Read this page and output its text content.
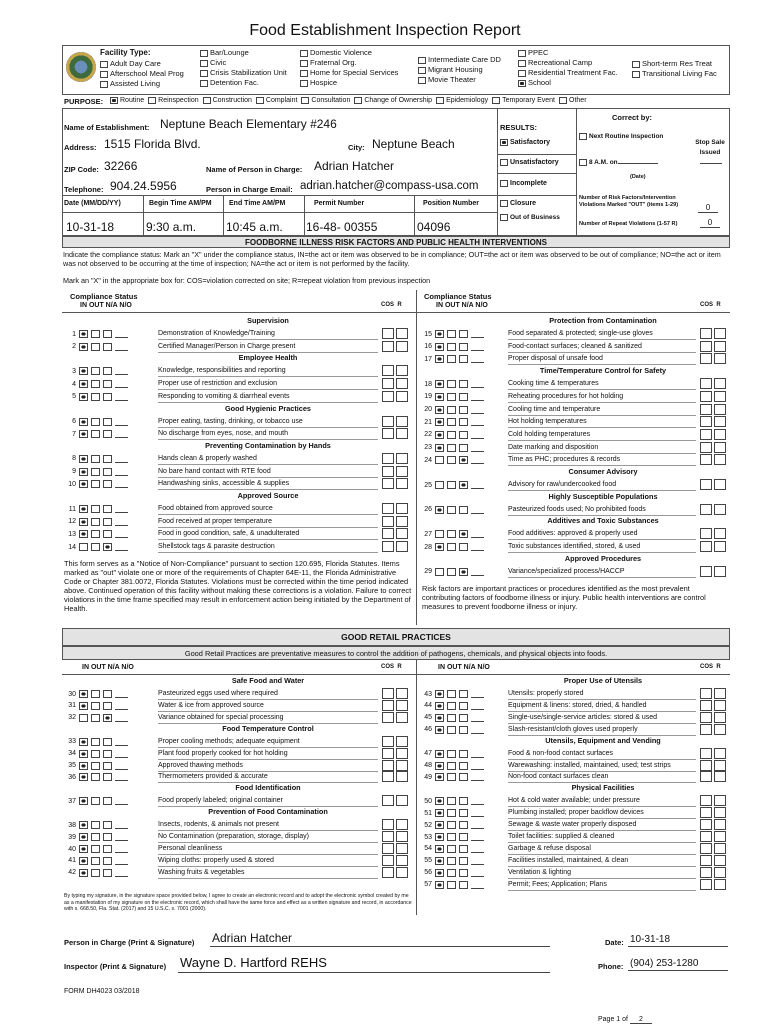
Food Establishment Inspection Report
Facility Type:
Adult Day Care
Afterschool Meal Prog
Assisted Living
Bar/Lounge
Civic
Crisis Stabilization Unit
Detention Fac.
Domestic Violence
Fraternal Org.
Home for Special Services
Hospice
Intermediate Care DD
Migrant Housing
Movie Theater
PPEC
Recreational Camp
Residential Treatment Fac.
School
Short-term Res Treat
Transitional Living Fac
PURPOSE: Routine Reinspection Construction Complaint Consultation Change of Ownership Epidemiology Temporary Event Other
Correct by:
Name of Establishment: Neptune Beach Elementary #246	RESULTS:
Address: 1515 Florida Blvd.	City: Neptune Beach
ZIP Code: 32266	Name of Person in Charge: Adrian Hatcher
Telephone: 904.24.5956	Person in Charge Email: adrian.hatcher@compass-usa.com
Date (MM/DD/YY)	Begin Time AM/PM End Time AM/PM	Permit Number	Position Number
10-31-18	9:30 a.m. 10:45 a.m. 16-48- 00355	04096
Satisfactory
Unsatisfactory
Incomplete
Closure
Out of Business
Next Routine Inspection
8 A.M. on
(Date)
Stop Sale Issued
Number of Risk Factors/Intervention Violations Marked "OUT" (items 1-29)	0
Number of Repeat Violations (1-57 R)	0
FOODBORNE ILLNESS RISK FACTORS AND PUBLIC HEALTH INTERVENTIONS
Indicate the compliance status: Mark an "X" under the compliance status, IN=the act or item was observed to be in compliance; OUT=the act or item was observed to be out of compliance; NO=the act or item was not observed to be occurring at the time of inspection; NA=the act or item is not performed by the facility.
Mark an "X" in the appropriate box for: COS=violation corrected on site; R=repeat violation from previous inspection
Compliance Status	Compliance Status
IN OUT N/A N/O	IN OUT N/A N/O
COS R	COS R
Supervision
1	Demonstration of Knowledge/Training
2	Certified Manager/Person in Charge present
Employee Health
3	Knowledge, responsibilities and reporting
4	Proper use of restriction and exclusion
5	Responding to vomiting & diarrheal events
Good Hygienic Practices
6	Proper eating, tasting, drinking, or tobacco use
7	No discharge from eyes, nose, and mouth
Preventing Contamination by Hands
8	Hands clean & properly washed
9	No bare hand contact with RTE food
10	Handwashing sinks, accessible & supplies
Approved Source
11	Food obtained from approved source
12	Food received at proper temperature
13	Food in good condition, safe, & unadulterated
14	Shellstock tags & parasite destruction
Protection from Contamination
15	Food separated & protected; single-use gloves
16	Food-contact surfaces; cleaned & sanitized
17	Proper disposal of unsafe food
Time/Temperature Control for Safety
18	Cooking time & temperatures
19	Reheating procedures for hot holding
20	Cooling time and temperature
21	Hot holding temperatures
22	Cold holding temperatures
23	Date marking and disposition
24	Time as PHC; procedures & records
Consumer Advisory
25	Advisory for raw/undercooked food
Highly Susceptible Populations
26	Pasteurized foods used; No prohibited foods
Additives and Toxic Substances
27	Food additives: approved & properly used
28	Toxic substances identified, stored, & used
Approved Procedures
29	Variance/specialized process/HACCP
This form serves as a "Notice of Non-Compliance" pursuant to section 120.695, Florida Statutes. Items marked as "out" violate one or more of the requirements of Chapter 64E-11, the Florida Administrative Code or Chapter 381.0072, Florida Statutes. Violations must be corrected within the time period indicated above. Continued operation of this facility without making these corrections is a violation. Failure to correct violations in the time frame specified may result in enforcement action being initiated by the Department of Health.
Risk factors are important practices or procedures identified as the most prevalent contributing factors of foodborne illness or injury. Public health interventions are control measures to prevent foodborne illness or injury.
GOOD RETAIL PRACTICES
Good Retail Practices are preventative measures to control the addition of pathogens, chemicals, and physical objects into foods.
IN OUT N/A N/O	IN OUT N/A N/O
COS R	COS R
Safe Food and Water
30	Pasteurized eggs used where required
31	Water & ice from approved source
32	Variance obtained for special processing
Food Temperature Control
33	Proper cooling methods; adequate equipment
34	Plant food properly cooked for hot holding
35	Approved thawing methods
36	Thermometers provided & accurate
Food Identification
37	Food properly labeled; original container
Prevention of Food Contamination
38	Insects, rodents, & animals not present
39	No Contamination (preparation, storage, display)
40	Personal cleanliness
41	Wiping cloths: properly used & stored
42	Washing fruits & vegetables
Proper Use of Utensils
43	Utensils: properly stored
44	Equipment & linens: stored, dried, & handled
45	Single-use/single-service articles: stored & used
46	Slash-resistant/cloth gloves used properly
Utensils, Equipment and Vending
47	Food & non-food contact surfaces
48	Warewashing: installed, maintained, used; test strips
49	Non-food contact surfaces clean
Physical Facilities
50	Hot & cold water available; under pressure
51	Plumbing installed; proper backflow devices
52	Sewage & waste water properly disposed
53	Toilet facilities: supplied & cleaned
54	Garbage & refuse disposal
55	Facilities installed, maintained, & clean
56	Ventilation & lighting
57	Permit; Fees; Application; Plans
By typing my signature, in the signature space provided below, I agree to create an electronic record and to adopt the electronic symbol created by me as a manifestation of my signature on the electronic record, which shall have the same force and effect as a written signature and record, in accordance with s. 668.50, Fla. Stat. (2017) and 15 U.S.C. s. 7001 (2000).
Person in Charge (Print & Signature) Adrian Hatcher	Date: 10-31-18
Inspector (Print & Signature) Wayne D. Hartford REHS	Phone: (904) 253-1280
FORM DH4023 03/2018
Page 1 of 2
